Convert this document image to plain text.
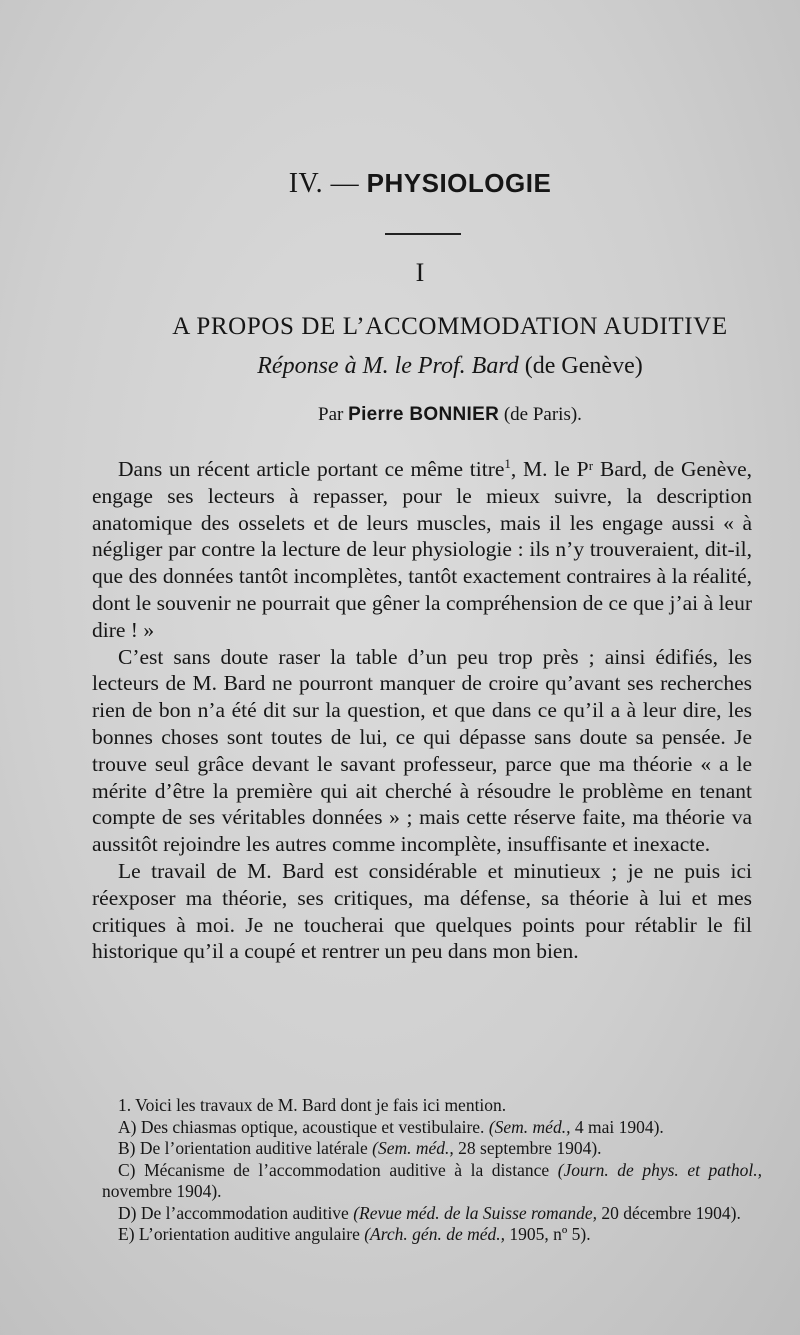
IV. — PHYSIOLOGIE
I
A PROPOS DE L’ACCOMMODATION AUDITIVE
Réponse à M. le Prof. Bard (de Genève)
Par Pierre BONNIER (de Paris).

Dans un récent article portant ce même titre$^1$, M. le Pʳ Bard, de Genève, engage ses lecteurs à repasser, pour le mieux suivre, la description anatomique des osselets et de leurs muscles, mais il les engage aussi « à négliger par contre la lecture de leur physiologie : ils n’y trouveraient, dit-il, que des données tantôt incomplètes, tantôt exactement contraires à la réalité, dont le souvenir ne pourrait que gêner la compréhension de ce que j’ai à leur dire ! »

C’est sans doute raser la table d’un peu trop près ; ainsi édifiés, les lecteurs de M. Bard ne pourront manquer de croire qu’avant ses recherches rien de bon n’a été dit sur la question, et que dans ce qu’il a à leur dire, les bonnes choses sont toutes de lui, ce qui dépasse sans doute sa pensée. Je trouve seul grâce devant le savant professeur, parce que ma théorie « a le mérite d’être la première qui ait cherché à résoudre le problème en tenant compte de ses véritables données » ; mais cette réserve faite, ma théorie va aussitôt rejoindre les autres comme incomplète, insuffisante et inexacte.

Le travail de M. Bard est considérable et minutieux ; je ne puis ici réexposer ma théorie, ses critiques, ma défense, sa théorie à lui et mes critiques à moi. Je ne toucherai que quelques points pour rétablir le fil historique qu’il a coupé et rentrer un peu dans mon bien.

1. Voici les travaux de M. Bard dont je fais ici mention.

A) Des chiasmas optique, acoustique et vestibulaire. (Sem. méd., 4 mai 1904).

B) De l’orientation auditive latérale (Sem. méd., 28 septembre 1904).

C) Mécanisme de l’accommodation auditive à la distance (Journ. de phys. et pathol., novembre 1904).

D) De l’accommodation auditive (Revue méd. de la Suisse romande, 20 décembre 1904).

E) L’orientation auditive angulaire (Arch. gén. de méd., 1905, nº 5).
